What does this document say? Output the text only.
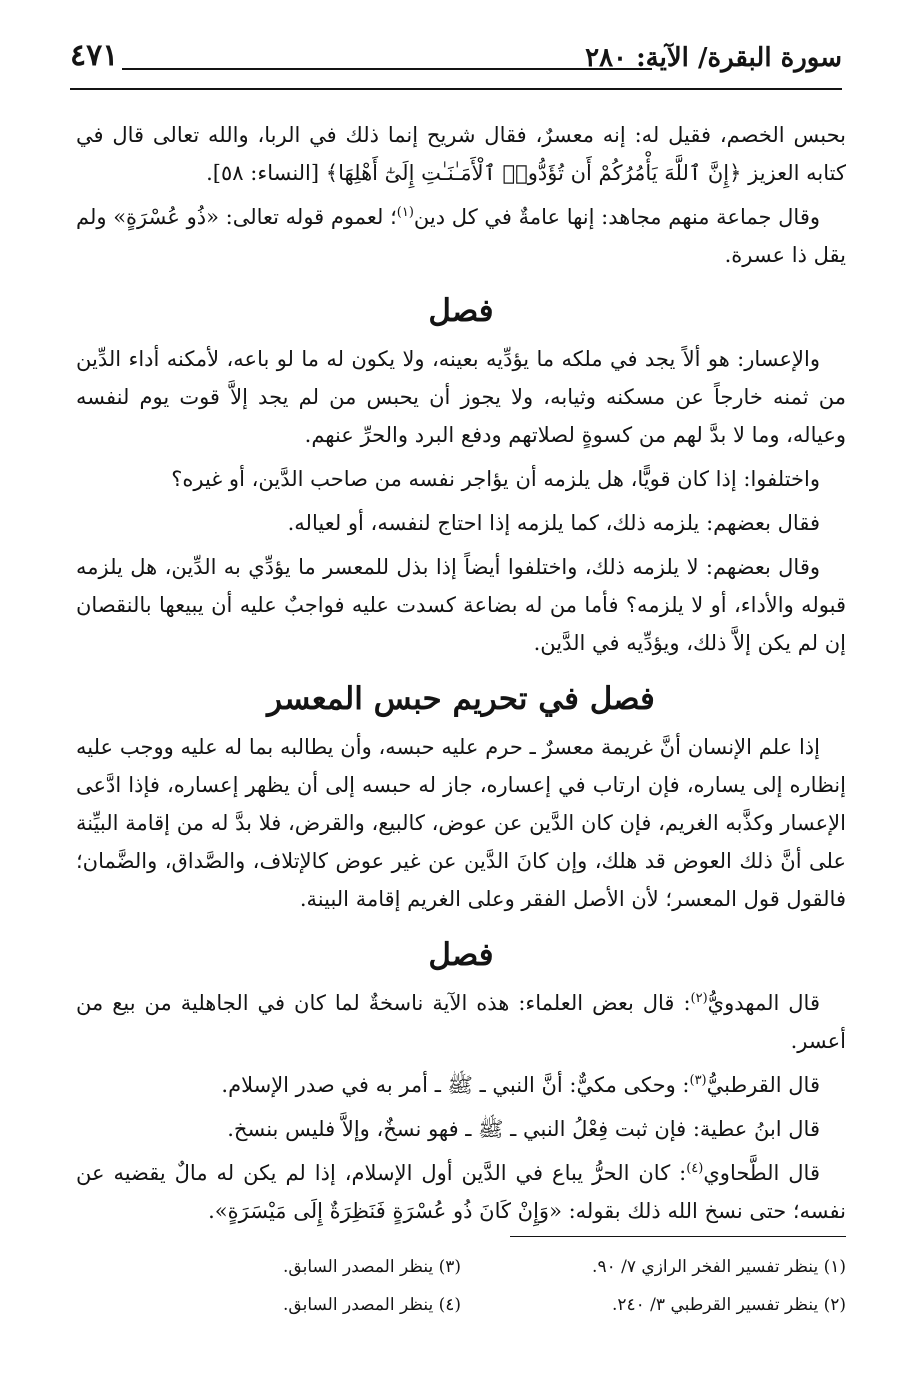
٤٧١	سورة البقرة/ الآية: ٢٨٠

بحبس الخصم، فقيل له: إنه معسرٌ، فقال شريح إنما ذلك في الربا، والله تعالى قال في كتابه العزيز ﴿إِنَّ ٱللَّهَ يَأْمُرُكُمْ أَن تُؤَدُّوا۟ ٱلْأَمَـٰنَـٰتِ إِلَىٰٓ أَهْلِهَا﴾ [النساء: ٥٨].

وقال جماعة منهم مجاهد: إنها عامةٌ في كل دين$^{(١)}$؛ لعموم قوله تعالى: «ذُو عُسْرَةٍ» ولم يقل ذا عسرة.

فصل

والإعسار: هو ألاً يجد في ملكه ما يؤدِّيه بعينه، ولا يكون له ما لو باعه، لأمكنه أداء الدِّين من ثمنه خارجاً عن مسكنه وثيابه، ولا يجوز أن يحبس من لم يجد إلاَّ قوت يوم لنفسه وعياله، وما لا بدَّ لهم من كسوةٍ لصلاتهم ودفع البرد والحرِّ عنهم.

واختلفوا: إذا كان قويًّا، هل يلزمه أن يؤاجر نفسه من صاحب الدَّين، أو غيره؟

فقال بعضهم: يلزمه ذلك، كما يلزمه إذا احتاج لنفسه، أو لعياله.

وقال بعضهم: لا يلزمه ذلك، واختلفوا أيضاً إذا بذل للمعسر ما يؤدِّي به الدِّين، هل يلزمه قبوله والأداء، أو لا يلزمه؟ فأما من له بضاعة كسدت عليه فواجبٌ عليه أن يبيعها بالنقصان إن لم يكن إلاَّ ذلك، ويؤدِّيه في الدَّين.

فصل في تحريم حبس المعسر

إذا علم الإنسان أنَّ غريمة معسرٌ ـ حرم عليه حبسه، وأن يطالبه بما له عليه ووجب عليه إنظاره إلى يساره، فإن ارتاب في إعساره، جاز له حبسه إلى أن يظهر إعساره، فإذا ادَّعى الإعسار وكذَّبه الغريم، فإن كان الدَّين عن عوض، كالبيع، والقرض، فلا بدَّ له من إقامة البيِّنة على أنَّ ذلك العوض قد هلك، وإن كانَ الدَّين عن غير عوض كالإتلاف، والصَّداق، والضَّمان؛ فالقول قول المعسر؛ لأن الأصل الفقر وعلى الغريم إقامة البينة.

فصل

قال المهدويُّ$^{(٢)}$: قال بعض العلماء: هذه الآية ناسخةٌ لما كان في الجاهلية من بيع من أعسر.

قال القرطبيُّ$^{(٣)}$: وحكى مكيٌّ: أنَّ النبي ـ ﷺ ـ أمر به في صدر الإسلام.

قال ابنُ عطية: فإن ثبت فِعْلُ النبي ـ ﷺ ـ فهو نسخٌ، وإلاَّ فليس بنسخ.

قال الطَّحاوي$^{(٤)}$: كان الحرُّ يباع في الدَّين أول الإسلام، إذا لم يكن له مالٌ يقضيه عن نفسه؛ حتى نسخ الله ذلك بقوله: «وَإِنْ كَانَ ذُو عُسْرَةٍ فَنَظِرَةٌ إِلَى مَيْسَرَةٍ».

(١) ينظر تفسير الفخر الرازي ٧/ ٩٠.
(٣) ينظر المصدر السابق.
(٢) ينظر تفسير القرطبي ٣/ ٢٤٠.
(٤) ينظر المصدر السابق.
